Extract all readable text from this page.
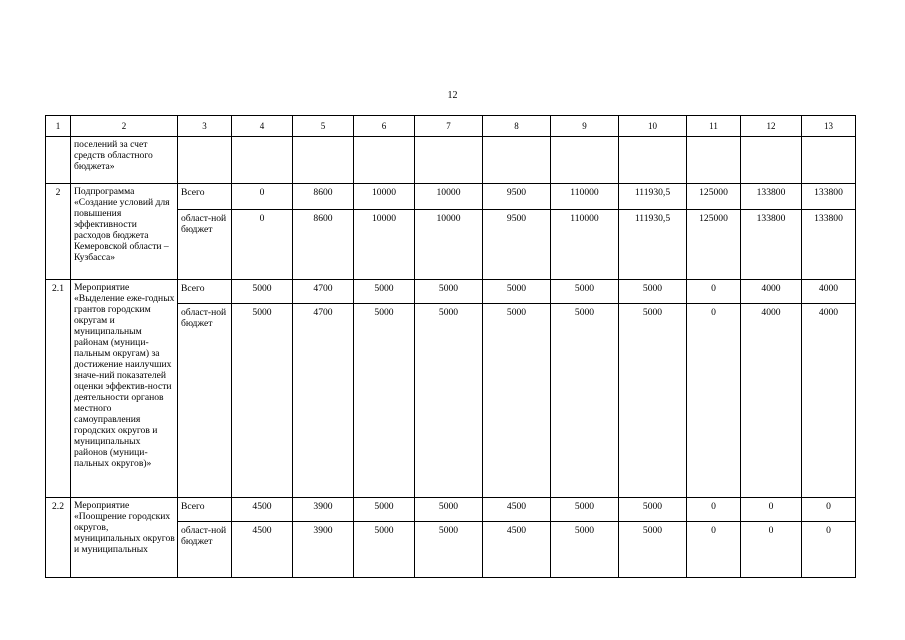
12
1	2	3	4	5	6	7	8	9	10	11	12	13
	поселений за счет средств областного бюджета»											
2	Подпрограмма «Создание условий для повышения эффективности расходов бюджета Кемеровской области – Кузбасса»	Всего	0	8600	10000	10000	9500	110000	111930,5	125000	133800	133800
		област-ной бюджет	0	8600	10000	10000	9500	110000	111930,5	125000	133800	133800
2.1	Мероприятие «Выделение еже-годных грантов городским округам и муниципальным районам (муници-пальным округам) за достижение наилучших значе-ний показателей оценки эффектив-ности деятельности органов местного самоуправления городских округов и муниципальных районов (муници-пальных округов)»	Всего	5000	4700	5000	5000	5000	5000	5000	0	4000	4000
		област-ной бюджет	5000	4700	5000	5000	5000	5000	5000	0	4000	4000
2.2	Мероприятие «Поощрение городских округов, муниципальных округов и муниципальных	Всего	4500	3900	5000	5000	4500	5000	5000	0	0	0
		област-ной бюджет	4500	3900	5000	5000	4500	5000	5000	0	0	0
